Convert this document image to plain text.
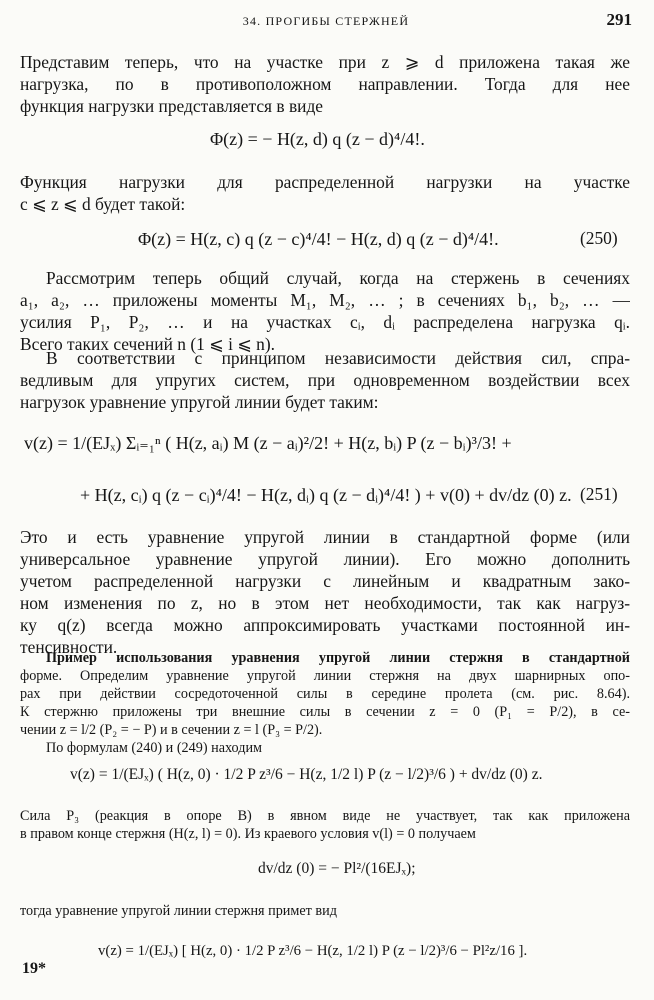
34. ПРОГИБЫ СТЕРЖНЕЙ	291
Представим теперь, что на участке при z ⩾ d приложена такая же
нагрузка, по в противоположном направлении. Тогда для нее
функция нагрузки представляется в виде
Φ(z) = − H(z, d) q (z − d)⁴/4!.
Функция нагрузки для распределенной нагрузки на участке
c ⩽ z ⩽ d будет такой:
Φ(z) = H(z, c) q (z − c)⁴/4! − H(z, d) q (z − d)⁴/4!.	(250)
Рассмотрим теперь общий случай, когда на стержень в сечениях
a₁, a₂, … приложены моменты M₁, M₂, … ; в сечениях b₁, b₂, … —
усилия P₁, P₂, … и на участках cᵢ, dᵢ распределена нагрузка qᵢ.
Всего таких сечений n (1 ⩽ i ⩽ n).
В соответствии с принципом независимости действия сил, спра-
ведливым для упругих систем, при одновременном воздействии всех
нагрузок уравнение упругой линии будет таким:
v(z) = 1/(EJₓ) Σᵢ₌₁ⁿ ( H(z, aᵢ) M (z − aᵢ)²/2! + H(z, bᵢ) P (z − bᵢ)³/3! +
+ H(z, cᵢ) q (z − cᵢ)⁴/4! − H(z, dᵢ) q (z − dᵢ)⁴/4! ) + v(0) + dv/dz (0) z. (251)
Это и есть уравнение упругой линии в стандартной форме (или
универсальное уравнение упругой линии). Его можно дополнить
учетом распределенной нагрузки с линейным и квадратным зако-
ном изменения по z, но в этом нет необходимости, так как нагруз-
ку q(z) всегда можно аппроксимировать участками постоянной ин-
тенсивности.
Пример использования уравнения упругой линии стержня в стандартной
форме. Определим уравнение упругой линии стержня на двух шарнирных опо-
рах при действии сосредоточенной силы в середине пролета (см. рис. 8.64).
К стержню приложены три внешние силы в сечении z = 0 (P₁ = P/2), в се-
чении z = l/2 (P₂ = − P) и в сечении z = l (P₃ = P/2).
По формулам (240) и (249) находим
v(z) = 1/(EJₓ) ( H(z, 0) · 1/2 P z³/6 − H(z, 1/2 l) P (z − l/2)³/6 ) + dv/dz (0) z.
Сила P₃ (реакция в опоре B) в явном виде не участвует, так как приложена
в правом конце стержня (H(z, l) = 0). Из краевого условия v(l) = 0 получаем
dv/dz (0) = − Pl²/(16EJₓ);
тогда уравнение упругой линии стержня примет вид
v(z) = 1/(EJₓ) [ H(z, 0) · 1/2 P z³/6 − H(z, 1/2 l) P (z − l/2)³/6 − Pl²z/16 ].
19*
